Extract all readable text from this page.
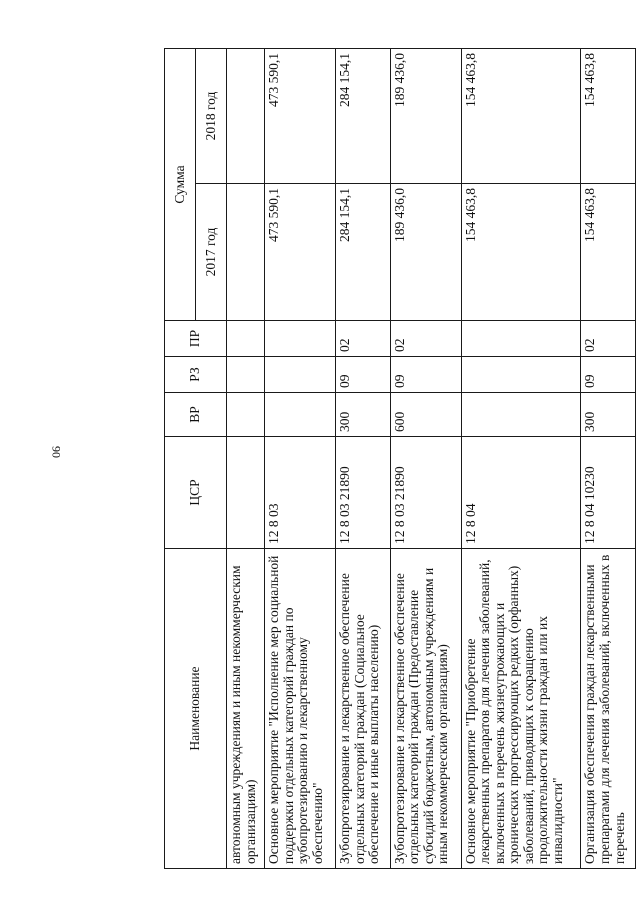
90
Наименование	ЦСР	ВР	РЗ	ПР	Сумма	
					2017 год	2018 год
автономным учреждениям и иным некоммерческим организациям)						
Основное мероприятие "Исполнение мер социальной поддержки отдельных категорий граждан по зубопротезированию и лекарственному обеспечению"	12 8 03				473 590,1	473 590,1
Зубопротезирование и лекарственное обеспечение отдельных категорий граждан (Социальное обеспечение и иные выплаты населению)	12 8 03 21890	300	09	02	284 154,1	284 154,1
Зубопротезирование и лекарственное обеспечение отдельных категорий граждан (Предоставление субсидий бюджетным, автономным учреждениям и иным некоммерческим организациям)	12 8 03 21890	600	09	02	189 436,0	189 436,0
Основное мероприятие "Приобретение лекарственных препаратов для лечения заболеваний, включенных в перечень жизнеугрожающих и хронических прогрессирующих редких (орфанных) заболеваний, приводящих к сокращению продолжительности жизни граждан или их инвалидности"	12 8 04				154 463,8	154 463,8
Организация обеспечения граждан лекарственными препаратами для лечения заболеваний, включенных в перечень	12 8 04 10230	300	09	02	154 463,8	154 463,8
